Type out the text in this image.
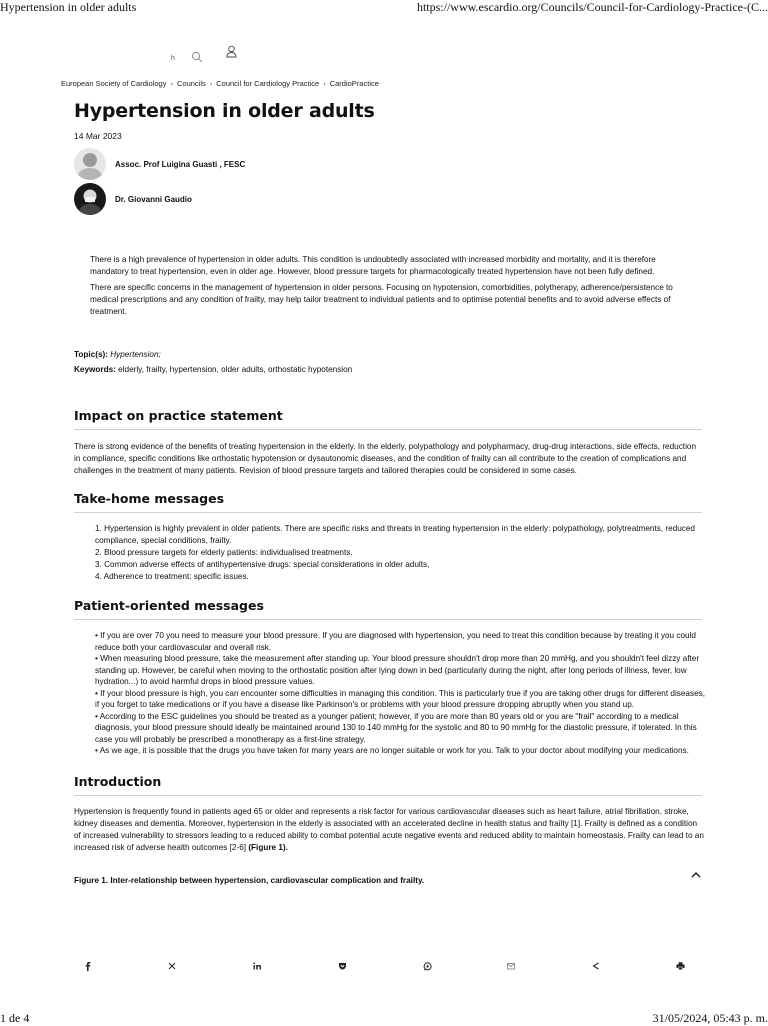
Hypertension in older adults	https://www.escardio.org/Councils/Council-for-Cardiology-Practice-(C...
h
European Society of Cardiology › Councils › Council for Cardiology Practice › CardioPractice
Hypertension in older adults
14 Mar 2023
Assoc. Prof Luigina Guasti , FESC
Dr. Giovanni Gaudio
There is a high prevalence of hypertension in older adults. This condition is undoubtedly associated with increased morbidity and mortality, and it is therefore mandatory to treat hypertension, even in older age. However, blood pressure targets for pharmacologically treated hypertension have not been fully defined.
There are specific concerns in the management of hypertension in older persons. Focusing on hypotension, comorbidities, polytherapy, adherence/persistence to medical prescriptions and any condition of frailty, may help tailor treatment to individual patients and to optimise potential benefits and to avoid adverse effects of treatment.
Topic(s): Hypertension;
Keywords: elderly, frailty, hypertension, older adults, orthostatic hypotension
Impact on practice statement
There is strong evidence of the benefits of treating hypertension in the elderly. In the elderly, polypathology and polypharmacy, drug-drug interactions, side effects, reduction in compliance, specific conditions like orthostatic hypotension or dysautonomic diseases, and the condition of frailty can all contribute to the creation of complications and challenges in the treatment of many patients. Revision of blood pressure targets and tailored therapies could be considered in some cases.
Take-home messages
1. Hypertension is highly prevalent in older patients. There are specific risks and threats in treating hypertension in the elderly: polypathology, polytreatments, reduced compliance, special conditions, frailty.
2. Blood pressure targets for elderly patients: individualised treatments.
3. Common adverse effects of antihypertensive drugs: special considerations in older adults,
4. Adherence to treatment: specific issues.
Patient-oriented messages
• If you are over 70 you need to measure your blood pressure. If you are diagnosed with hypertension, you need to treat this condition because by treating it you could reduce both your cardiovascular and overall risk.
• When measuring blood pressure, take the measurement after standing up. Your blood pressure shouldn't drop more than 20 mmHg, and you shouldn't feel dizzy after standing up. However, be careful when moving to the orthostatic position after lying down in bed (particularly during the night, after long periods of illness, fever, low hydration...) to avoid harmful drops in blood pressure values.
• If your blood pressure is high, you can encounter some difficulties in managing this condition. This is particularly true if you are taking other drugs for different diseases, if you forget to take medications or if you have a disease like Parkinson's or problems with your blood pressure dropping abruptly when you stand up.
• According to the ESC guidelines you should be treated as a younger patient; however, if you are more than 80 years old or you are "frail" according to a medical diagnosis, your blood pressure should ideally be maintained around 130 to 140 mmHg for the systolic and 80 to 90 mmHg for the diastolic pressure, if tolerated. In this case you will probably be prescribed a monotherapy as a first-line strategy.
• As we age, it is possible that the drugs you have taken for many years are no longer suitable or work for you. Talk to your doctor about modifying your medications.
Introduction
Hypertension is frequently found in patients aged 65 or older and represents a risk factor for various cardiovascular diseases such as heart failure, atrial fibrillation, stroke, kidney diseases and dementia. Moreover, hypertension in the elderly is associated with an accelerated decline in health status and frailty [1]. Frailty is defined as a condition of increased vulnerability to stressors leading to a reduced ability to combat potential acute negative events and reduced ability to maintain homeostasis. Frailty can lead to an increased risk of adverse health outcomes [2-6] (Figure 1).
Figure 1. Inter-relationship between hypertension, cardiovascular complication and frailty.
1 de 4	31/05/2024, 05:43 p. m.
